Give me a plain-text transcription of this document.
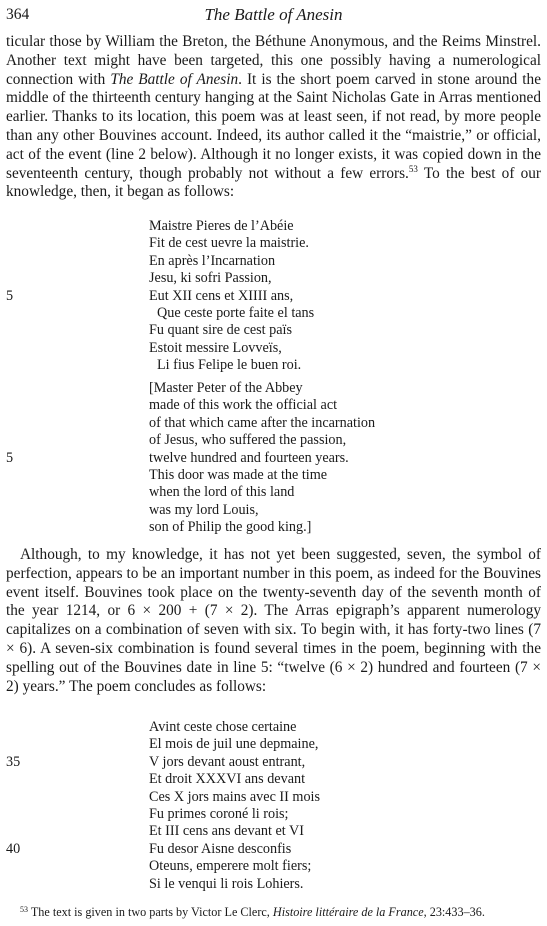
364	The Battle of Anesin

ticular those by William the Breton, the Béthune Anonymous, and the Reims Minstrel. Another text might have been targeted, this one possibly having a numerological connection with The Battle of Anesin. It is the short poem carved in stone around the middle of the thirteenth century hanging at the Saint Nicholas Gate in Arras mentioned earlier. Thanks to its location, this poem was at least seen, if not read, by more people than any other Bouvines account. Indeed, its author called it the “maistrie,” or official, act of the event (line 2 below). Although it no longer exists, it was copied down in the seventeenth century, though probably not without a few errors.$^{53}$ To the best of our knowledge, then, it began as follows:

Maistre Pieres de l’Abéie
Fit de cest uevre la maistrie.
En après l’Incarnation
Jesu, ki sofri Passion,
5	Eut XII cens et XIIII ans,
Que ceste porte faite el tans
Fu quant sire de cest païs
Estoit messire Lovveïs,
Li fius Felipe le buen roi.
[Master Peter of the Abbey
made of this work the official act
of that which came after the incarnation
of Jesus, who suffered the passion,
5	twelve hundred and fourteen years.
This door was made at the time
when the lord of this land
was my lord Louis,
son of Philip the good king.]

Although, to my knowledge, it has not yet been suggested, seven, the symbol of perfection, appears to be an important number in this poem, as indeed for the Bouvines event itself. Bouvines took place on the twenty-seventh day of the seventh month of the year 1214, or 6 × 200 + (7 × 2). The Arras epigraph’s apparent numerology capitalizes on a combination of seven with six. To begin with, it has forty-two lines (7 × 6). A seven-six combination is found several times in the poem, beginning with the spelling out of the Bouvines date in line 5: “twelve (6 × 2) hundred and fourteen (7 × 2) years.” The poem concludes as follows:

Avint ceste chose certaine
El mois de juil une depmaine,
35	V jors devant aoust entrant,
Et droit XXXVI ans devant
Ces X jors mains avec II mois
Fu primes coroné li rois;
Et III cens ans devant et VI
40	Fu desor Aisne desconfis
Oteuns, emperere molt fiers;
Si le venqui li rois Lohiers.
$^{53}$ The text is given in two parts by Victor Le Clerc, Histoire littéraire de la France, 23:433–36.
